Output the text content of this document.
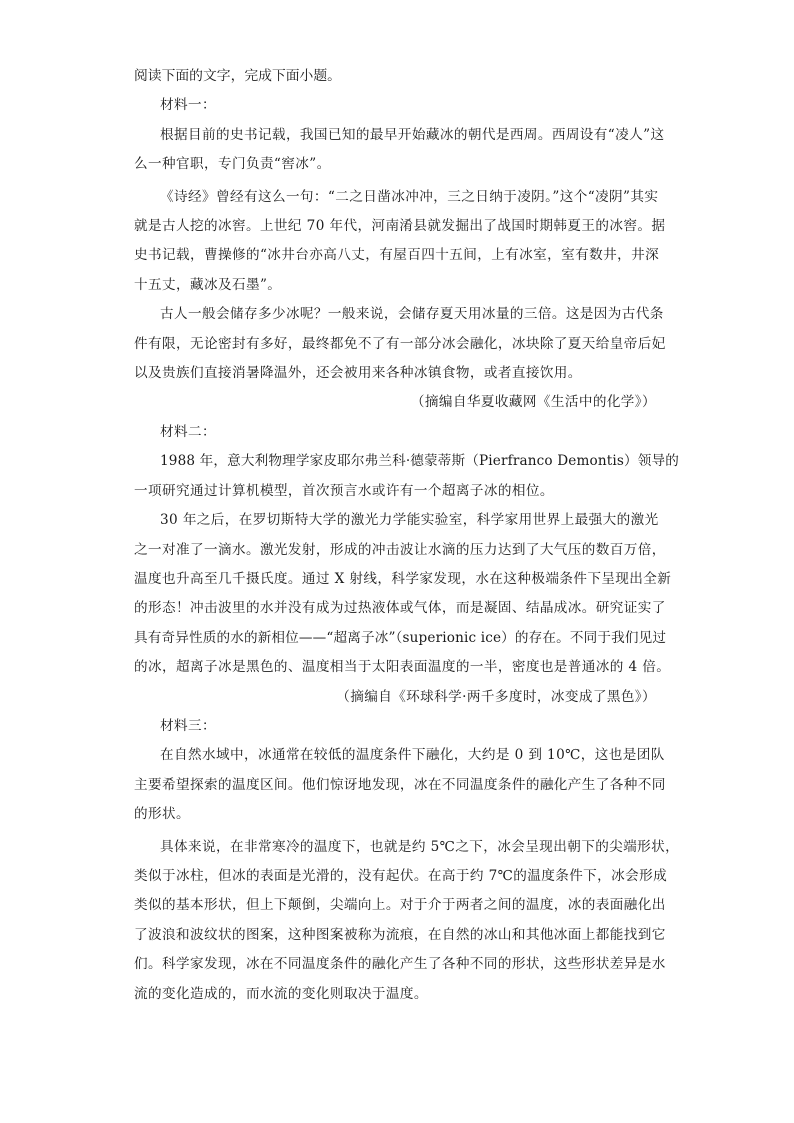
阅读下面的文字，完成下面小题。
材料一：
根据目前的史书记载，我国已知的最早开始藏冰的朝代是西周。西周设有“凌人”这
么一种官职，专门负责“窖冰”。
《诗经》曾经有这么一句：“二之日凿冰冲冲，三之日纳于凌阴。”这个“凌阴”其实
就是古人挖的冰窖。上世纪 70 年代，河南淆县就发掘出了战国时期韩夏王的冰窖。据
史书记载，曹操修的“冰井台亦高八丈，有屋百四十五间，上有冰室，室有数井，井深
十五丈，藏冰及石墨”。
古人一般会储存多少冰呢？一般来说，会储存夏天用冰量的三倍。这是因为古代条
件有限，无论密封有多好，最终都免不了有一部分冰会融化，冰块除了夏天给皇帝后妃
以及贵族们直接消暑降温外，还会被用来各种冰镇食物，或者直接饮用。
（摘编自华夏收藏网《生活中的化学》）
材料二：
1988 年，意大利物理学家皮耶尔弗兰科·德蒙蒂斯（Pierfranco Demontis）领导的
一项研究通过计算机模型，首次预言水或许有一个超离子冰的相位。
30 年之后，在罗切斯特大学的激光力学能实验室，科学家用世界上最强大的激光
之一对准了一滴水。激光发射，形成的冲击波让水滴的压力达到了大气压的数百万倍，
温度也升高至几千摄氏度。通过 X 射线，科学家发现，水在这种极端条件下呈现出全新
的形态！冲击波里的水并没有成为过热液体或气体，而是凝固、结晶成冰。研究证实了
具有奇异性质的水的新相位——“超离子冰”（superionic ice）的存在。不同于我们见过
的冰，超离子冰是黑色的、温度相当于太阳表面温度的一半，密度也是普通冰的 4 倍。
（摘编自《环球科学·两千多度时，冰变成了黑色》）
材料三：
在自然水域中，冰通常在较低的温度条件下融化，大约是 0 到 10℃，这也是团队
主要希望探索的温度区间。他们惊讶地发现，冰在不同温度条件的融化产生了各种不同
的形状。
具体来说，在非常寒冷的温度下，也就是约 5℃之下，冰会呈现出朝下的尖端形状，
类似于冰柱，但冰的表面是光滑的，没有起伏。在高于约 7℃的温度条件下，冰会形成
类似的基本形状，但上下颠倒，尖端向上。对于介于两者之间的温度，冰的表面融化出
了波浪和波纹状的图案，这种图案被称为流痕，在自然的冰山和其他冰面上都能找到它
们。科学家发现，冰在不同温度条件的融化产生了各种不同的形状，这些形状差异是水
流的变化造成的，而水流的变化则取决于温度。
